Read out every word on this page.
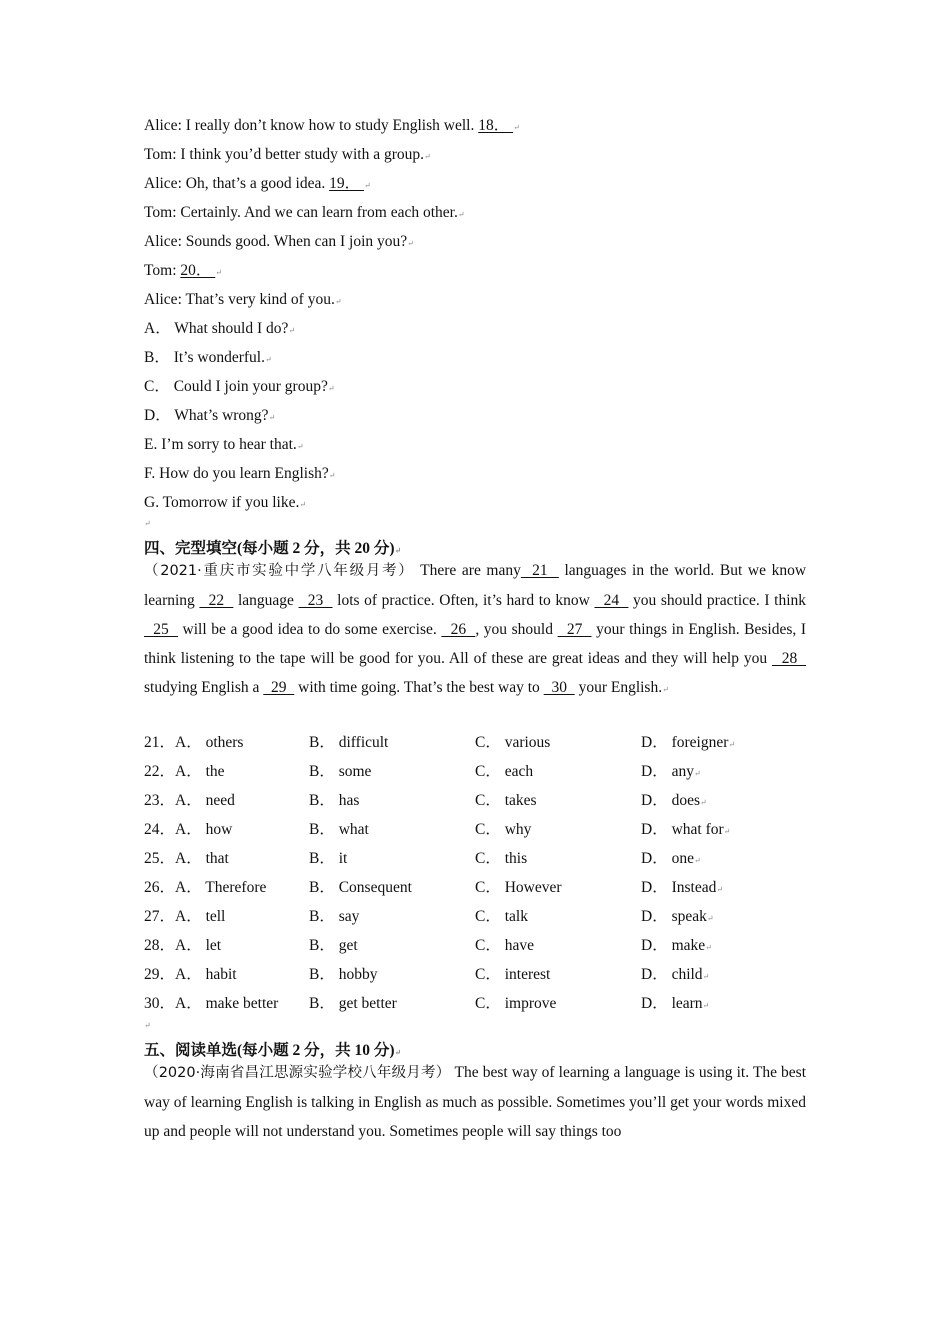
Alice: I really don’t know how to study English well. 18． ↵
Tom: I think you’d better study with a group.↵
Alice: Oh, that’s a good idea. 19． ↵
Tom: Certainly. And we can learn from each other.↵
Alice: Sounds good. When can I join you?↵
Tom: 20． ↵
Alice: That’s very kind of you.↵
A． What should I do?↵
B． It’s wonderful.↵
C． Could I join your group?↵
D． What’s wrong?↵
E. I’m sorry to hear that.↵
F. How do you learn English?↵
G. Tomorrow if you like.↵
↵
四、完型填空(每小题 2 分，共 20 分)↵
（2021·重庆市实验中学八年级月考） There are many  21   languages in the world. But we know learning   22   language   23   lots of practice. Often, it’s hard to know   24   you should practice. I think   25   will be a good idea to do some exercise.   26  , you should   27   your things in English. Besides, I think listening to the tape will be good for you. All of these are great ideas and they will help you   28   studying English a   29   with time going. That’s the best way to   30   your English.↵
21．A． others	B． difficult	C． various	D． foreigner↵
22．A． the	B． some	C． each	D． any↵
23．A． need	B． has	C． takes	D． does↵
24．A． how	B． what	C． why	D． what for↵
25．A． that	B． it	C． this	D． one↵
26．A． Therefore	B． Consequent	C． However	D． Instead↵
27．A． tell	B． say	C． talk	D． speak↵
28．A． let	B． get	C． have	D． make↵
29．A． habit	B． hobby	C． interest	D． child↵
30．A． make better B． get better	C． improve	D． learn↵
↵
五、阅读单选(每小题 2 分，共 10 分)↵
（2020·海南省昌江思源实验学校八年级月考） The best way of learning a language is using it. The best way of learning English is talking in English as much as possible. Sometimes you’ll get your words mixed up and people will not understand you. Sometimes people will say things too
